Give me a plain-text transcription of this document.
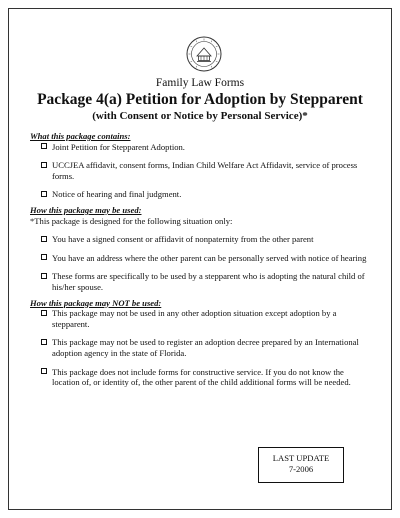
Family Law Forms
Package 4(a) Petition for Adoption by Stepparent
(with Consent or Notice by Personal Service)*

What this package contains:

Joint Petition for Stepparent Adoption.
UCCJEA affidavit, consent forms, Indian Child Welfare Act Affidavit, service of process forms.
Notice of hearing and final judgment.

How this package may be used:

*This package is designed for the following situation only:

You have a signed consent or affidavit of nonpaternity from the other parent
You have an address where the other parent can be personally served with notice of hearing
These forms are specifically to be used by a stepparent who is adopting the natural child of his/her spouse.

How this package may NOT be used:

This package may not be used in any other adoption situation except adoption by a stepparent.
This package may not be used to register an adoption decree prepared by an International adoption agency in the state of Florida.
This package does not include forms for constructive service. If you do not know the location of, or identity of, the other parent of the child additional forms will be needed.
LAST UPDATE
7-2006
